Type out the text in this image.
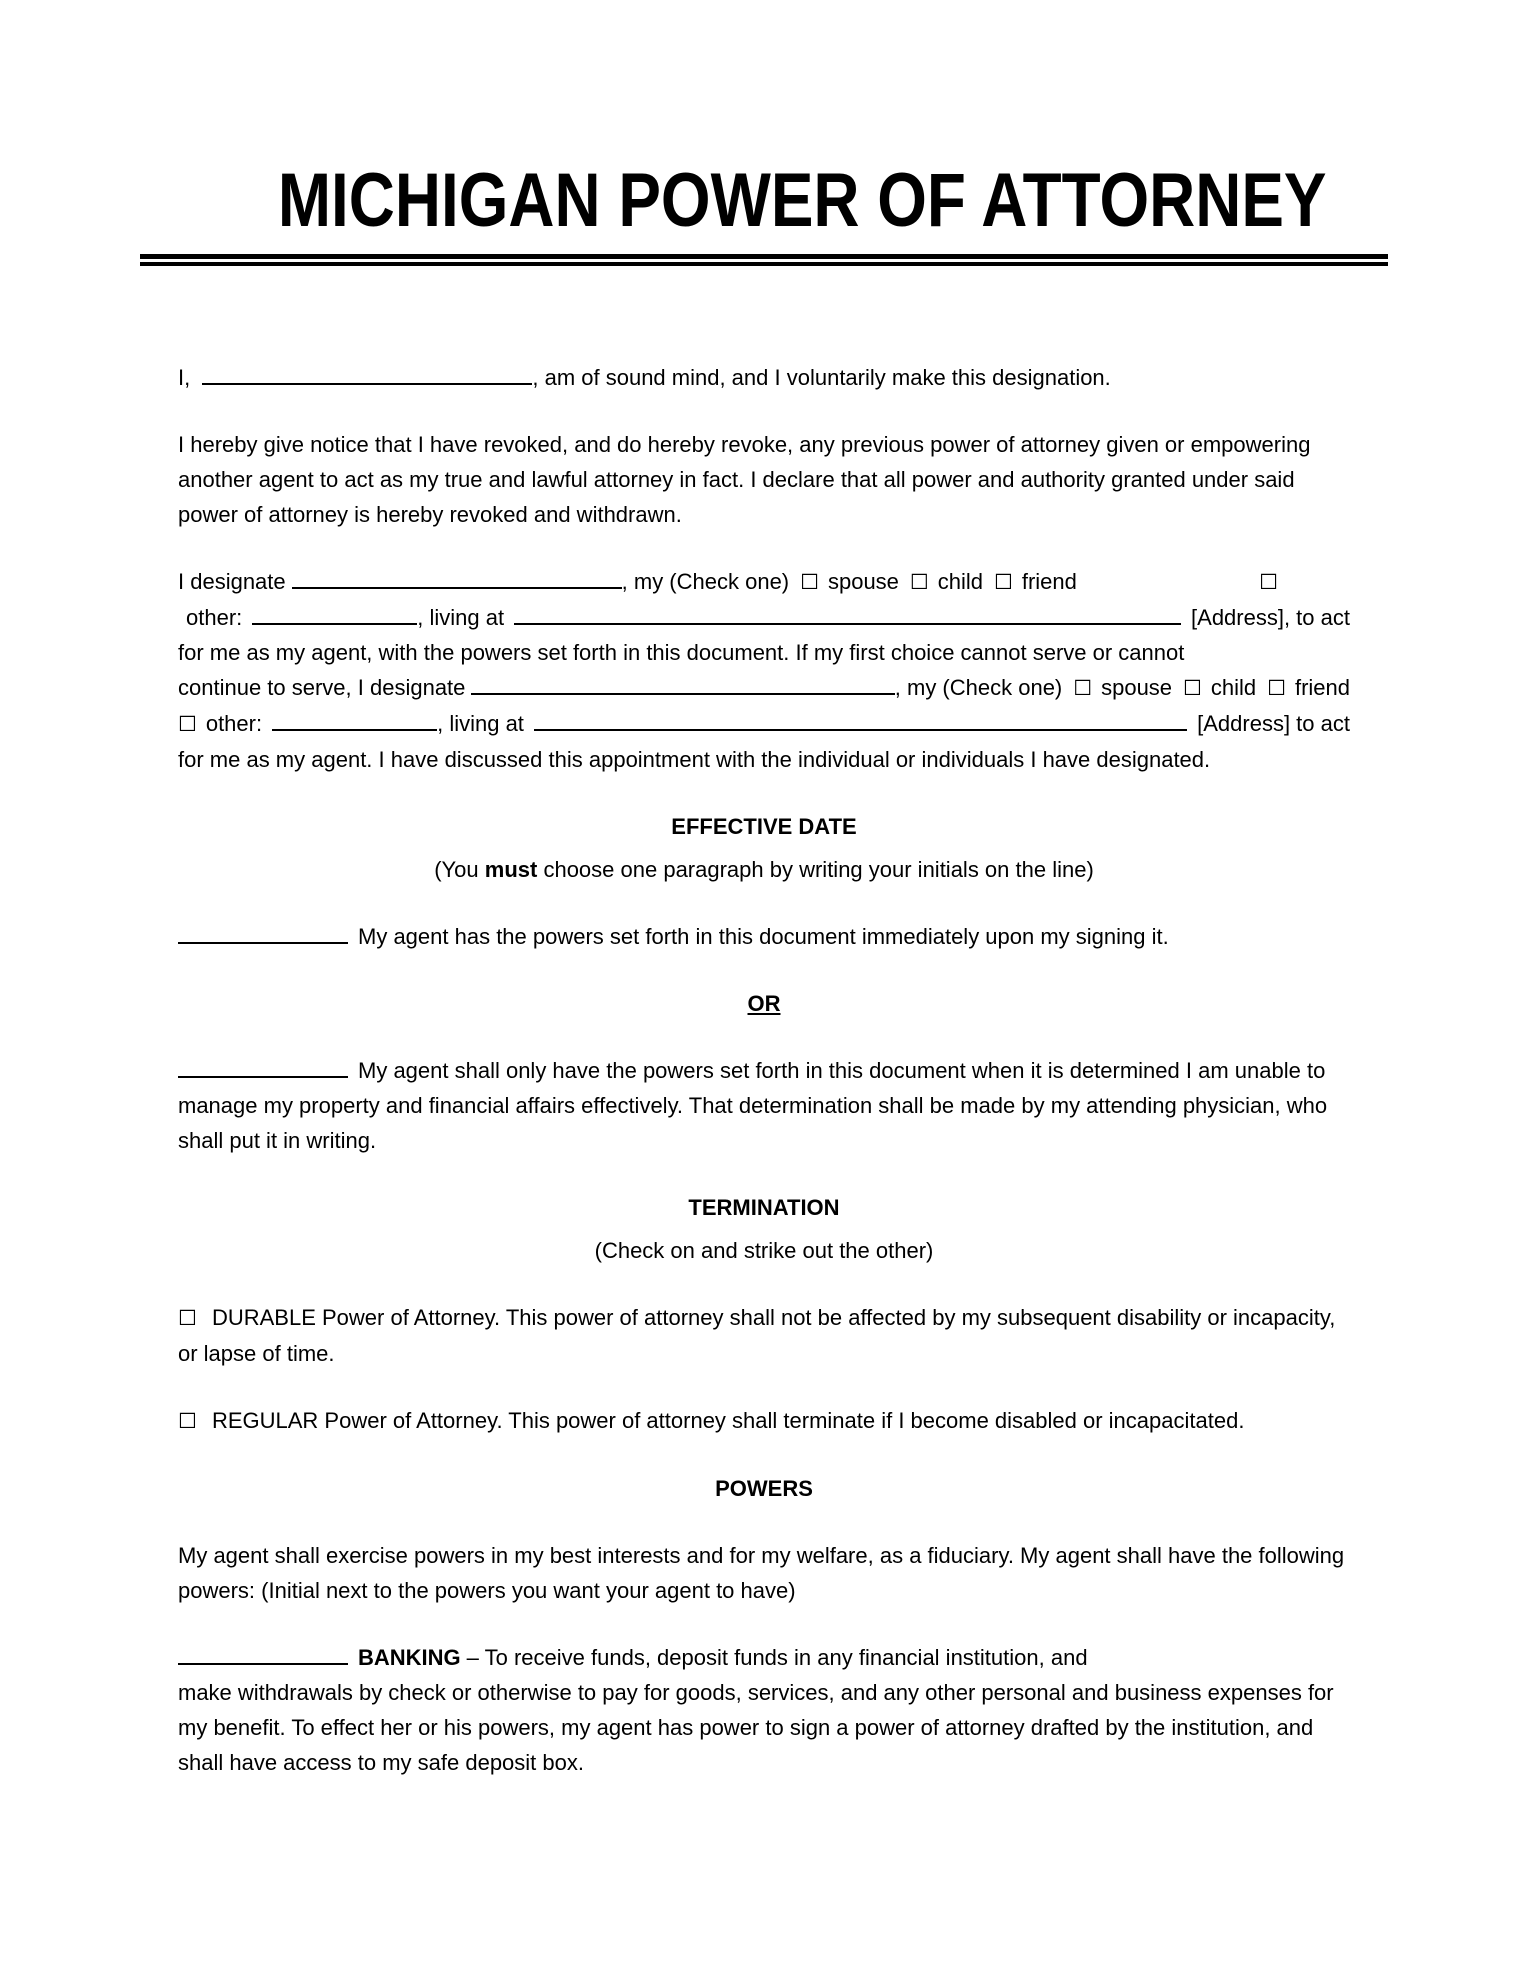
MICHIGAN POWER OF ATTORNEY
I,	, am of sound mind, and I voluntarily make this designation.
I hereby give notice that I have revoked, and do hereby revoke, any previous power of attorney given or empowering another agent to act as my true and lawful attorney in fact. I declare that all power and authority granted under said power of attorney is hereby revoked and withdrawn.
I designate	, my (Check one) ☐ spouse ☐ child ☐ friend	☐
other:	, living at	[Address], to act
for me as my agent, with the powers set forth in this document. If my first choice cannot serve or cannot
continue to serve, I designate	, my (Check one) ☐ spouse ☐ child ☐ friend
☐ other:	, living at	[Address] to act
for me as my agent. I have discussed this appointment with the individual or individuals I have designated.
EFFECTIVE DATE
(You must choose one paragraph by writing your initials on the line)
My agent has the powers set forth in this document immediately upon my signing it.
OR
My agent shall only have the powers set forth in this document when it is determined I am unable to manage my property and financial affairs effectively. That determination shall be made by my attending physician, who shall put it in writing.
TERMINATION
(Check on and strike out the other)
☐ DURABLE Power of Attorney. This power of attorney shall not be affected by my subsequent disability or incapacity, or lapse of time.
☐ REGULAR Power of Attorney. This power of attorney shall terminate if I become disabled or incapacitated.
POWERS
My agent shall exercise powers in my best interests and for my welfare, as a fiduciary. My agent shall have the following powers: (Initial next to the powers you want your agent to have)
BANKING – To receive funds, deposit funds in any financial institution, and
make withdrawals by check or otherwise to pay for goods, services, and any other personal and business expenses for my benefit. To effect her or his powers, my agent has power to sign a power of attorney drafted by the institution, and shall have access to my safe deposit box.
